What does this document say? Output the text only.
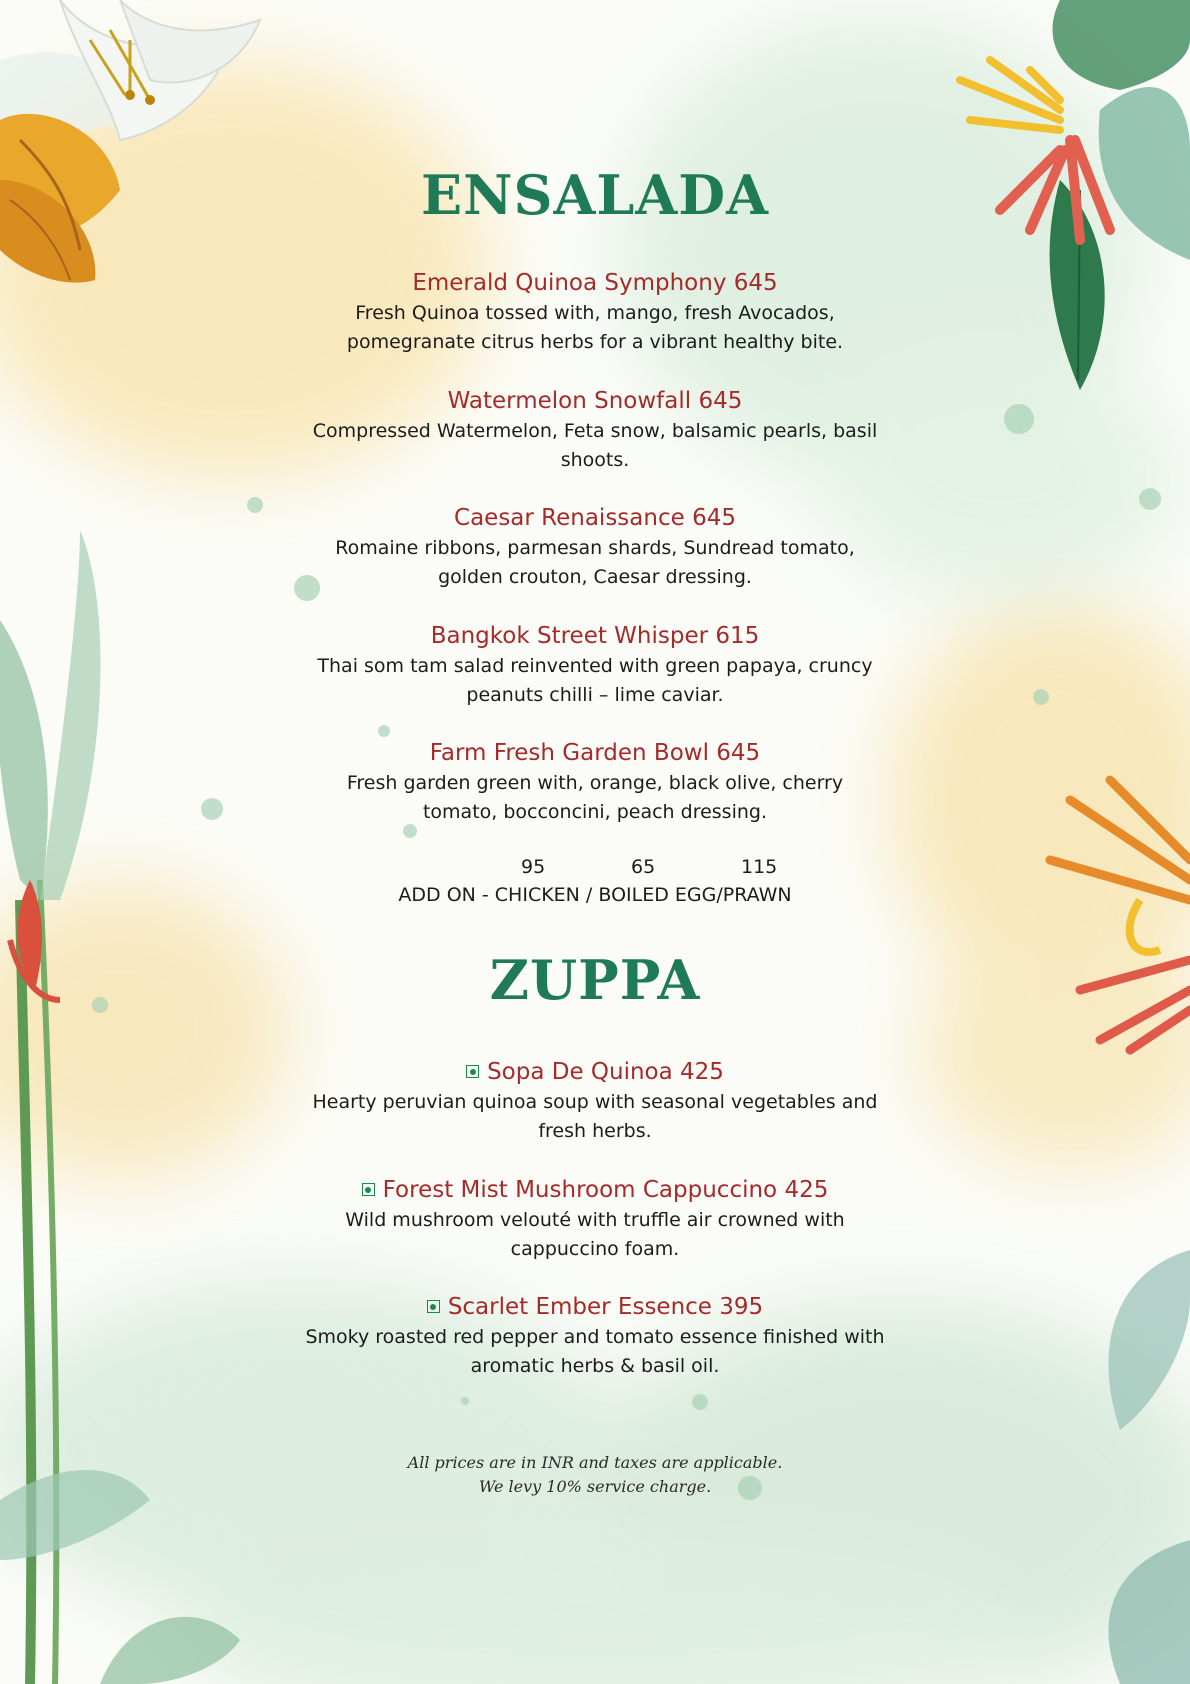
ENSALADA
Emerald Quinoa Symphony 645
Fresh Quinoa tossed with, mango, fresh Avocados,
pomegranate citrus herbs for a vibrant healthy bite.
Watermelon Snowfall 645
Compressed Watermelon, Feta snow, balsamic pearls, basil
shoots.
Caesar Renaissance 645
Romaine ribbons, parmesan shards, Sundread tomato,
golden crouton, Caesar dressing.
Bangkok Street Whisper 615
Thai som tam salad reinvented with green papaya, cruncy
peanuts chilli – lime caviar.
Farm Fresh Garden Bowl 645
Fresh garden green with, orange, black olive, cherry
tomato, bocconcini, peach dressing.
95	65	115
ADD ON - CHICKEN / BOILED EGG/PRAWN
ZUPPA
Sopa De Quinoa 425
Hearty peruvian quinoa soup with seasonal vegetables and
fresh herbs.
Forest Mist Mushroom Cappuccino 425
Wild mushroom velouté with truffle air crowned with
cappuccino foam.
Scarlet Ember Essence 395
Smoky roasted red pepper and tomato essence finished with
aromatic herbs & basil oil.
All prices are in INR and taxes are applicable.
We levy 10% service charge.
